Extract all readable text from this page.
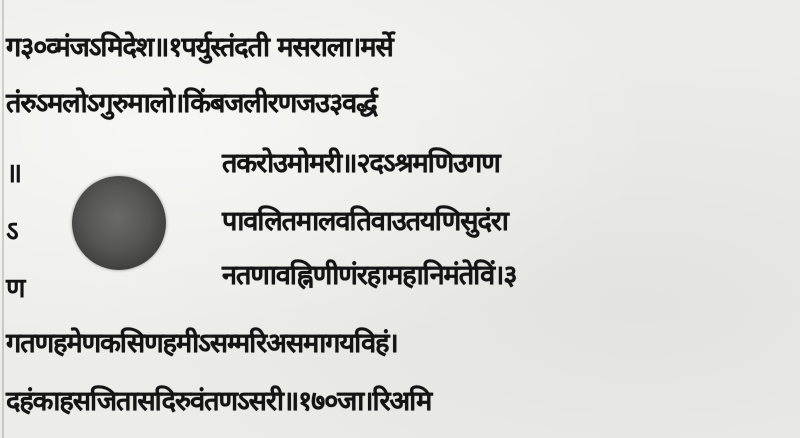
ग३०व्मंजऽमिदेश॥१पर्युस्तंदती मसराला।मर्से
तंरुऽमलोऽगुरुमालो।किंबजलीरणजउ३वर्द्ध
॥	तकरोउमोमरी॥२दऽश्रमणिउगण
ऽ	पावलितमालवतिवाउतयणिसुदंरा
ण	नतणावह्निणीणंरहामहानिमंतेविं।३
गतणहमेणकसिणहमीऽसम्मरिअसमागयविहं।
दहंकाहसजितासदिरुवंतणऽसरी॥१७०जा।रिअमि
